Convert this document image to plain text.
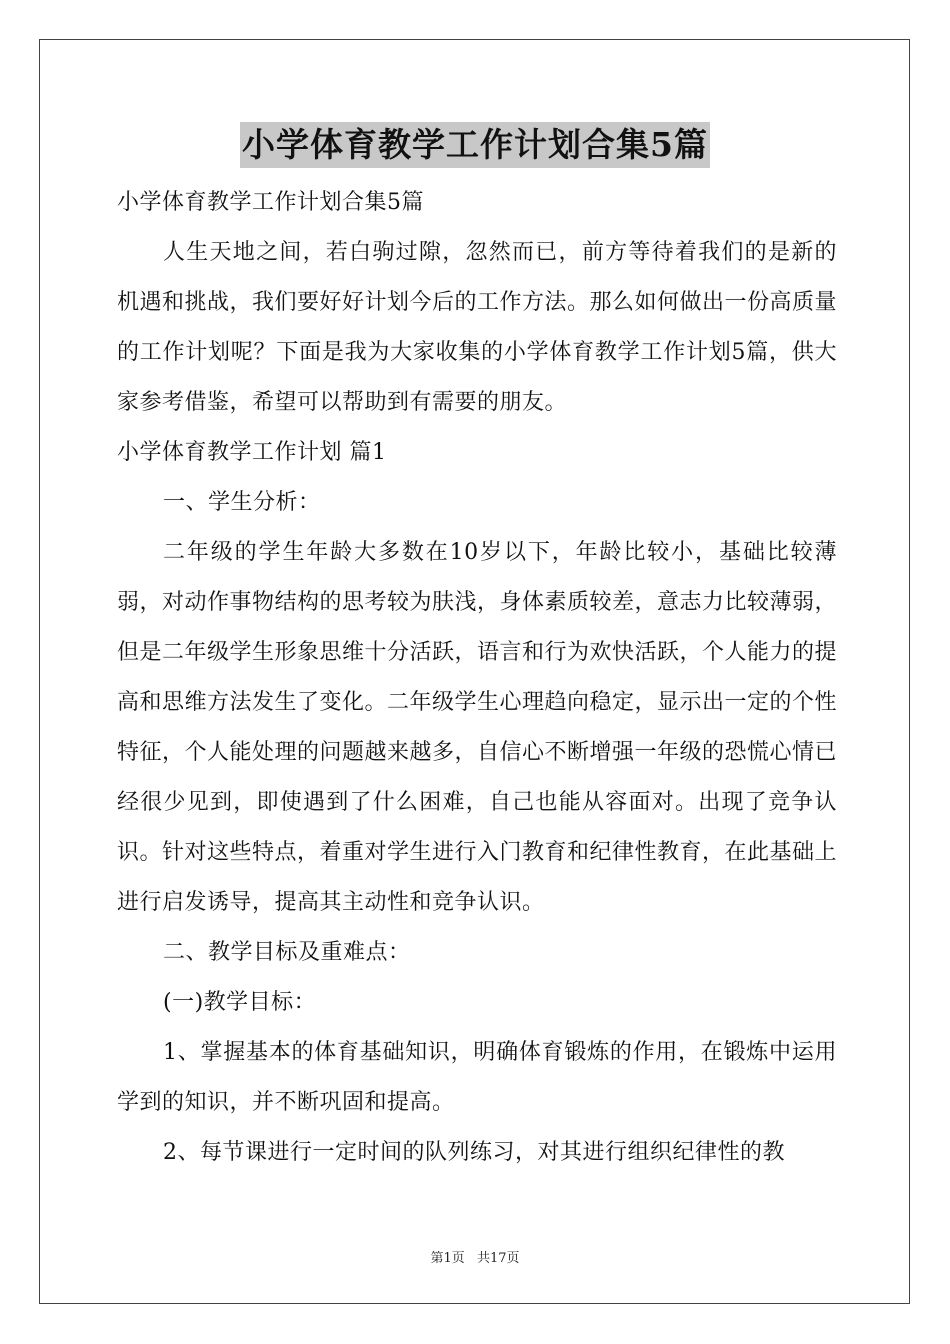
小学体育教学工作计划合集5篇

小学体育教学工作计划合集5篇

人生天地之间，若白驹过隙，忽然而已，前方等待着我们的是新的机遇和挑战，我们要好好计划今后的工作方法。那么如何做出一份高质量的工作计划呢？下面是我为大家收集的小学体育教学工作计划5篇，供大家参考借鉴，希望可以帮助到有需要的朋友。

小学体育教学工作计划 篇1

一、学生分析：

二年级的学生年龄大多数在10岁以下，年龄比较小，基础比较薄弱，对动作事物结构的思考较为肤浅，身体素质较差，意志力比较薄弱，但是二年级学生形象思维十分活跃，语言和行为欢快活跃，个人能力的提高和思维方法发生了变化。二年级学生心理趋向稳定，显示出一定的个性特征，个人能处理的问题越来越多，自信心不断增强一年级的恐慌心情已经很少见到，即使遇到了什么困难，自己也能从容面对。出现了竞争认识。针对这些特点，着重对学生进行入门教育和纪律性教育，在此基础上进行启发诱导，提高其主动性和竞争认识。

二、教学目标及重难点：

(一)教学目标：

1、掌握基本的体育基础知识，明确体育锻炼的作用，在锻炼中运用学到的知识，并不断巩固和提高。

2、每节课进行一定时间的队列练习，对其进行组织纪律性的教

第1页 共17页
